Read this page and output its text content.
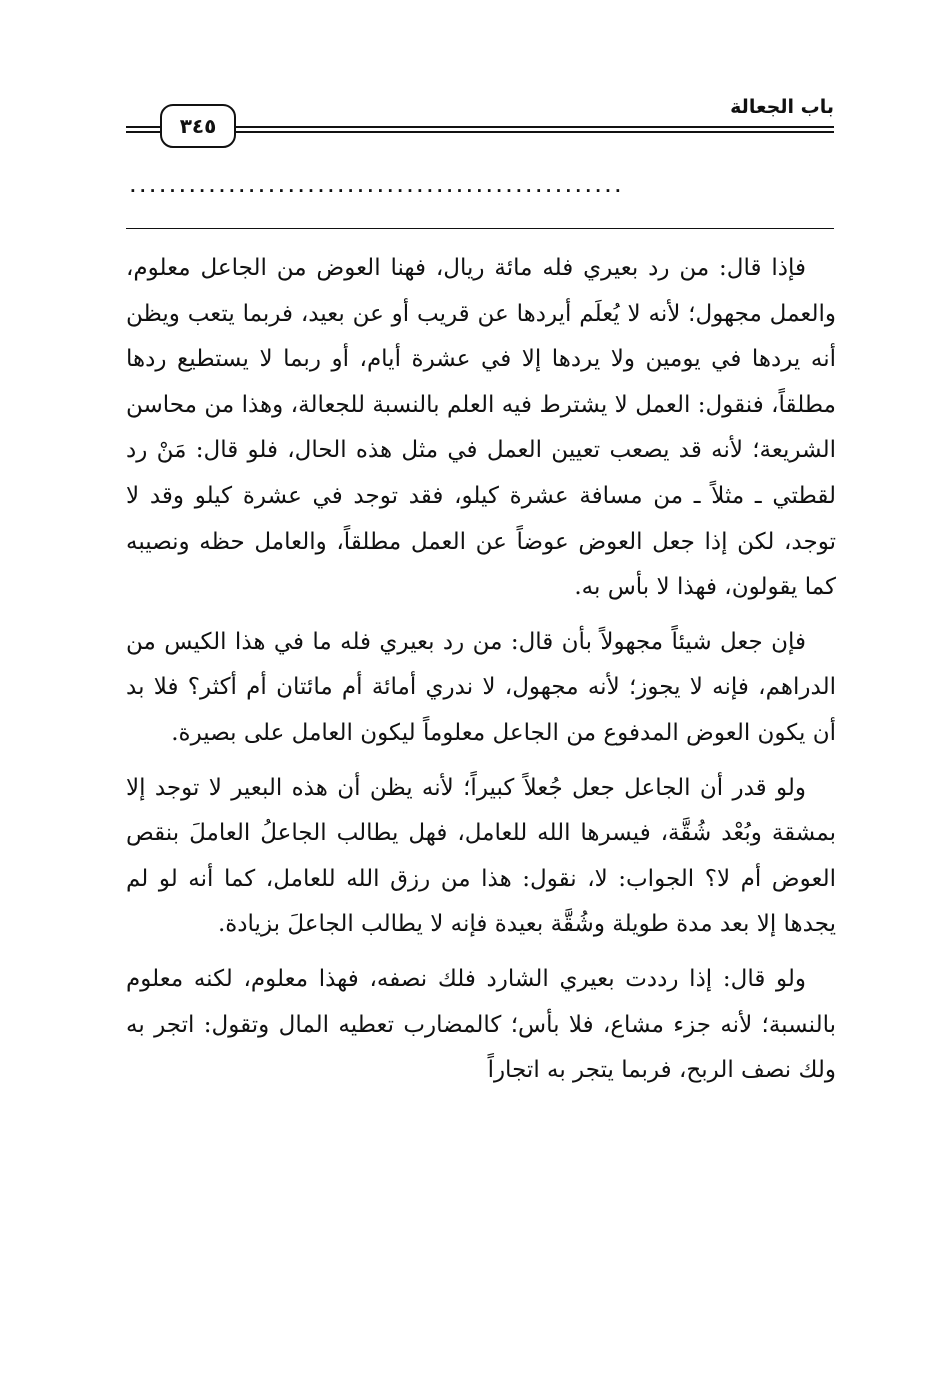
باب الجعالة
٣٤٥
..................................................

فإذا قال: من رد بعيري فله مائة ريال، فهنا العوض من الجاعل معلوم، والعمل مجهول؛ لأنه لا يُعلَم أيردها عن قريب أو عن بعيد، فربما يتعب ويظن أنه يردها في يومين ولا يردها إلا في عشرة أيام، أو ربما لا يستطيع ردها مطلقاً، فنقول: العمل لا يشترط فيه العلم بالنسبة للجعالة، وهذا من محاسن الشريعة؛ لأنه قد يصعب تعيين العمل في مثل هذه الحال، فلو قال: مَنْ رد لقطتي ـ مثلاً ـ من مسافة عشرة كيلو، فقد توجد في عشرة كيلو وقد لا توجد، لكن إذا جعل العوض عوضاً عن العمل مطلقاً، والعامل حظه ونصيبه كما يقولون، فهذا لا بأس به.

فإن جعل شيئاً مجهولاً بأن قال: من رد بعيري فله ما في هذا الكيس من الدراهم، فإنه لا يجوز؛ لأنه مجهول، لا ندري أمائة أم مائتان أم أكثر؟ فلا بد أن يكون العوض المدفوع من الجاعل معلوماً ليكون العامل على بصيرة.

ولو قدر أن الجاعل جعل جُعلاً كبيراً؛ لأنه يظن أن هذه البعير لا توجد إلا بمشقة وبُعْد شُقَّة، فيسرها الله للعامل، فهل يطالب الجاعلُ العاملَ بنقص العوض أم لا؟ الجواب: لا، نقول: هذا من رزق الله للعامل، كما أنه لو لم يجدها إلا بعد مدة طويلة وشُقَّة بعيدة فإنه لا يطالب الجاعلَ بزيادة.

ولو قال: إذا رددت بعيري الشارد فلك نصفه، فهذا معلوم، لكنه معلوم بالنسبة؛ لأنه جزء مشاع، فلا بأس؛ كالمضارب تعطيه المال وتقول: اتجر به ولك نصف الربح، فربما يتجر به اتجاراً
